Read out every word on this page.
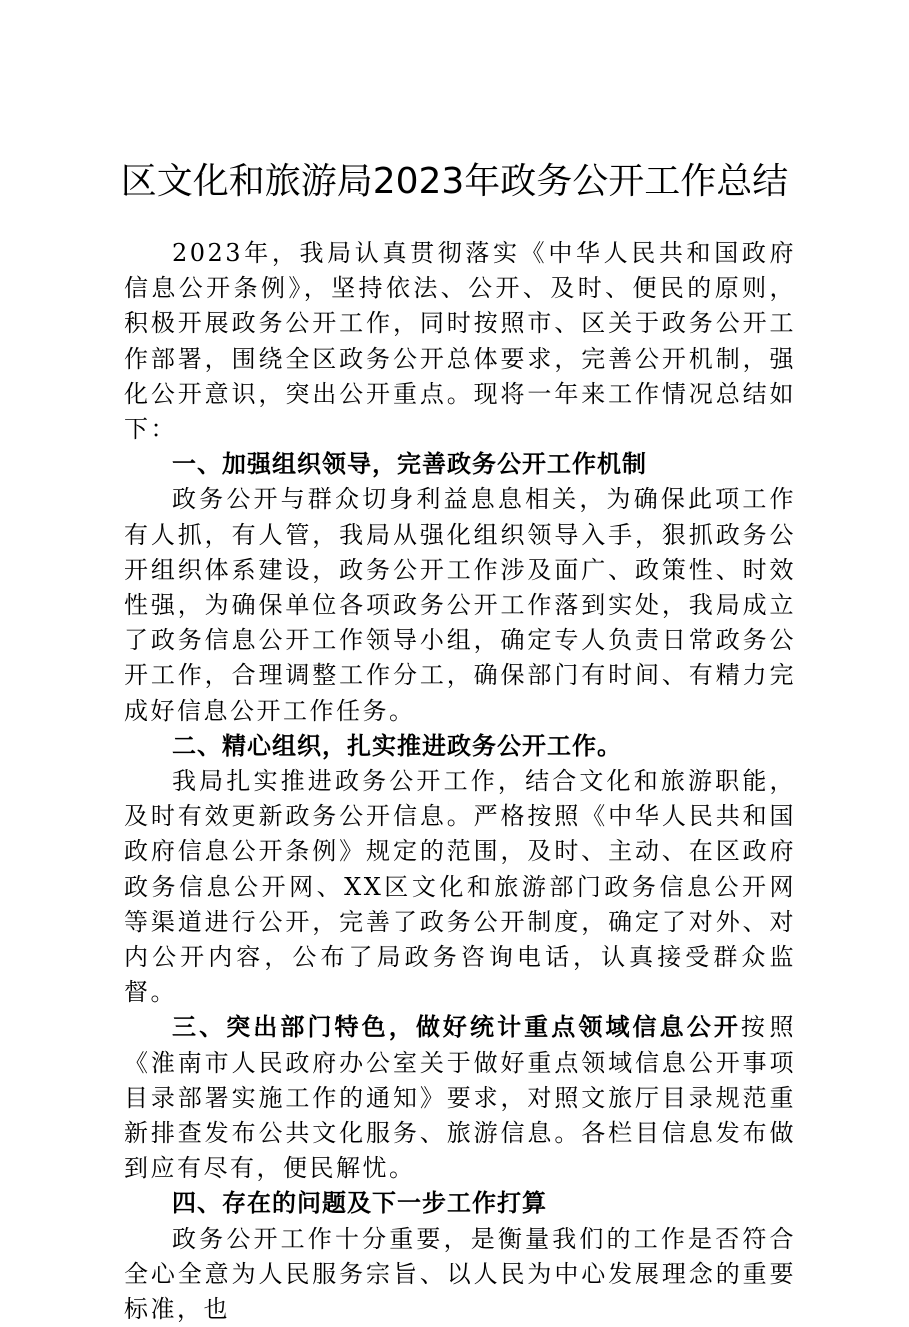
区文化和旅游局2023年政务公开工作总结

2023年，我局认真贯彻落实《中华人民共和国政府信息公开条例》，坚持依法、公开、及时、便民的原则，积极开展政务公开工作，同时按照市、区关于政务公开工作部署，围绕全区政务公开总体要求，完善公开机制，强化公开意识，突出公开重点。现将一年来工作情况总结如下：

一、加强组织领导，完善政务公开工作机制

政务公开与群众切身利益息息相关，为确保此项工作有人抓，有人管，我局从强化组织领导入手，狠抓政务公开组织体系建设，政务公开工作涉及面广、政策性、时效性强，为确保单位各项政务公开工作落到实处，我局成立了政务信息公开工作领导小组，确定专人负责日常政务公开工作，合理调整工作分工，确保部门有时间、有精力完成好信息公开工作任务。

二、精心组织，扎实推进政务公开工作。

我局扎实推进政务公开工作，结合文化和旅游职能，及时有效更新政务公开信息。严格按照《中华人民共和国政府信息公开条例》规定的范围，及时、主动、在区政府政务信息公开网、XX区文化和旅游部门政务信息公开网等渠道进行公开，完善了政务公开制度，确定了对外、对内公开内容，公布了局政务咨询电话，认真接受群众监督。

三、突出部门特色，做好统计重点领域信息公开按照《淮南市人民政府办公室关于做好重点领域信息公开事项目录部署实施工作的通知》要求，对照文旅厅目录规范重新排查发布公共文化服务、旅游信息。各栏目信息发布做到应有尽有，便民解忧。

四、存在的问题及下一步工作打算

政务公开工作十分重要，是衡量我们的工作是否符合全心全意为人民服务宗旨、以人民为中心发展理念的重要标准，也
